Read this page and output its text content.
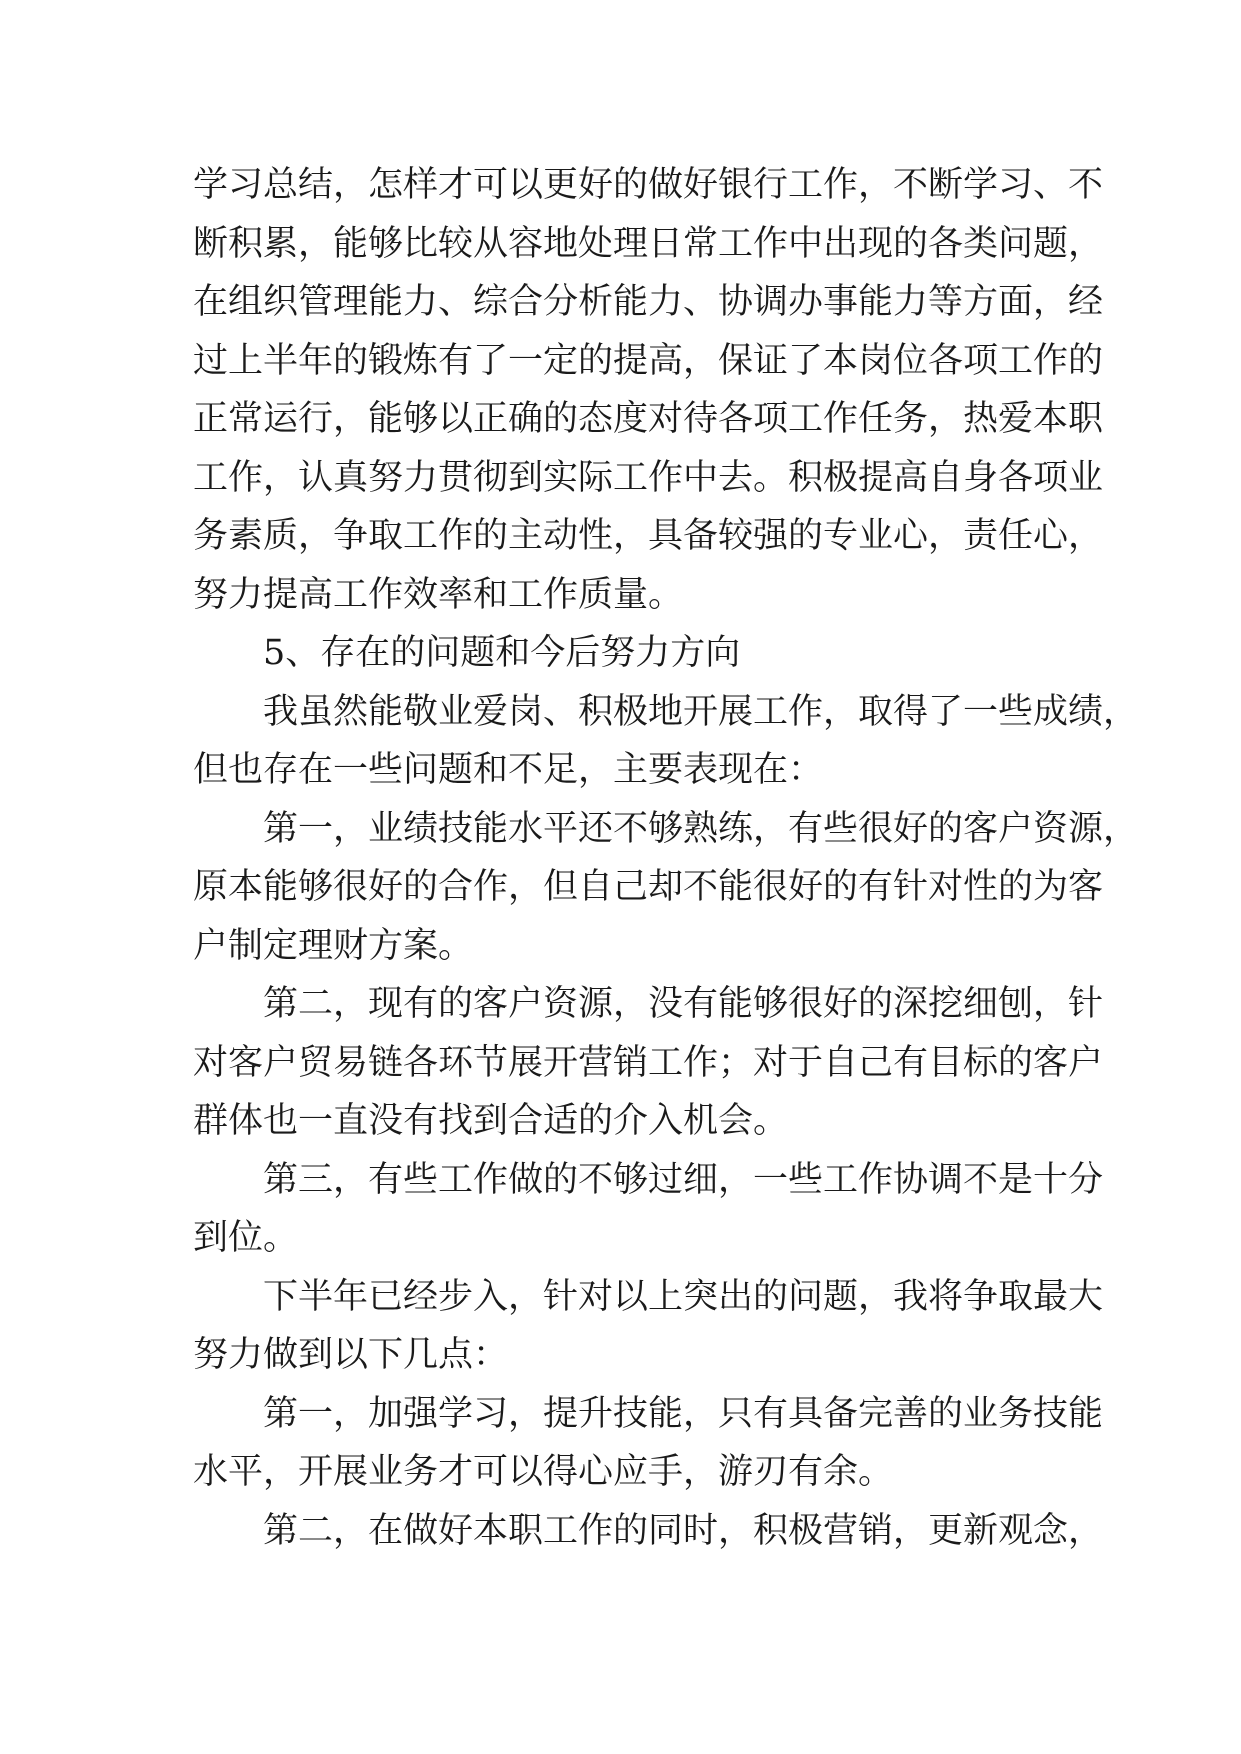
学习总结，怎样才可以更好的做好银行工作，不断学习、不
断积累，能够比较从容地处理日常工作中出现的各类问题，
在组织管理能力、综合分析能力、协调办事能力等方面，经
过上半年的锻炼有了一定的提高，保证了本岗位各项工作的
正常运行，能够以正确的态度对待各项工作任务，热爱本职
工作，认真努力贯彻到实际工作中去。积极提高自身各项业
务素质，争取工作的主动性，具备较强的专业心，责任心，
努力提高工作效率和工作质量。
5、存在的问题和今后努力方向
我虽然能敬业爱岗、积极地开展工作，取得了一些成绩，
但也存在一些问题和不足，主要表现在：
第一，业绩技能水平还不够熟练，有些很好的客户资源，
原本能够很好的合作，但自己却不能很好的有针对性的为客
户制定理财方案。
第二，现有的客户资源，没有能够很好的深挖细刨，针
对客户贸易链各环节展开营销工作；对于自己有目标的客户
群体也一直没有找到合适的介入机会。
第三，有些工作做的不够过细，一些工作协调不是十分
到位。
下半年已经步入，针对以上突出的问题，我将争取最大
努力做到以下几点：
第一，加强学习，提升技能，只有具备完善的业务技能
水平，开展业务才可以得心应手，游刃有余。
第二，在做好本职工作的同时，积极营销，更新观念，
